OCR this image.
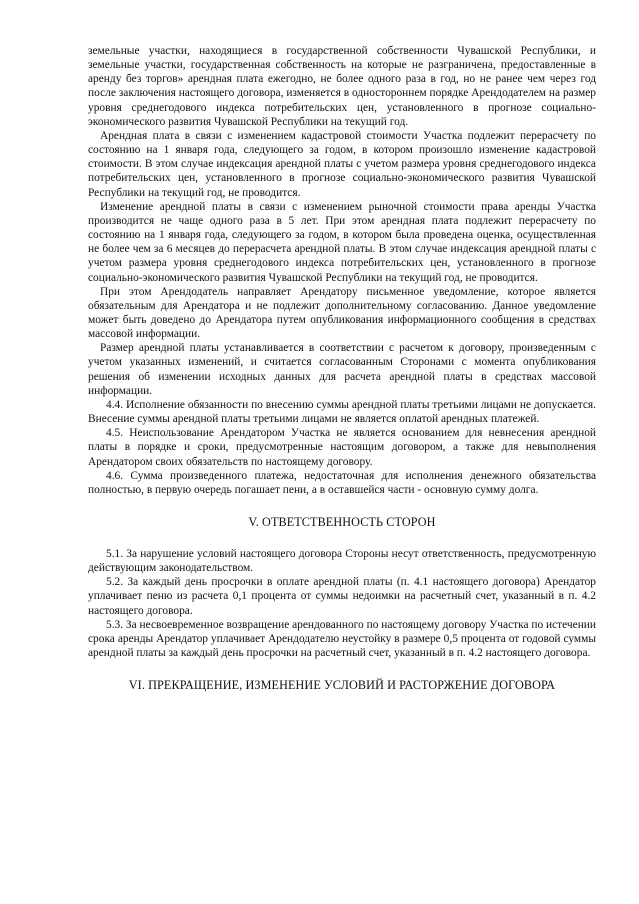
земельные участки, находящиеся в государственной собственности Чувашской Республики, и земельные участки, государственная собственность на которые не разграничена, предоставленные в аренду без торгов» арендная плата ежегодно, не более одного раза в год, но не ранее чем через год после заключения настоящего договора, изменяется в одностороннем порядке Арендодателем на размер уровня среднегодового индекса потребительских цен, установленного в прогнозе социально-экономического развития Чувашской Республики на текущий год.

Арендная плата в связи с изменением кадастровой стоимости Участка подлежит перерасчету по состоянию на 1 января года, следующего за годом, в котором произошло изменение кадастровой стоимости. В этом случае индексация арендной платы с учетом размера уровня среднегодового индекса потребительских цен, установленного в прогнозе социально-экономического развития Чувашской Республики на текущий год, не проводится.

Изменение арендной платы в связи с изменением рыночной стоимости права аренды Участка производится не чаще одного раза в 5 лет. При этом арендная плата подлежит перерасчету по состоянию на 1 января года, следующего за годом, в котором была проведена оценка, осуществленная не более чем за 6 месяцев до перерасчета арендной платы. В этом случае индексация арендной платы с учетом размера уровня среднегодового индекса потребительских цен, установленного в прогнозе социально-экономического развития Чувашской Республики на текущий год, не проводится.

При этом Арендодатель направляет Арендатору письменное уведомление, которое является обязательным для Арендатора и не подлежит дополнительному согласованию. Данное уведомление может быть доведено до Арендатора путем опубликования информационного сообщения в средствах массовой информации.

Размер арендной платы устанавливается в соответствии с расчетом к договору, произведенным с учетом указанных изменений, и считается согласованным Сторонами с момента опубликования решения об изменении исходных данных для расчета арендной платы в средствах массовой информации.

4.4. Исполнение обязанности по внесению суммы арендной платы третьими лицами не допускается. Внесение суммы арендной платы третьими лицами не является оплатой арендных платежей.

4.5. Неиспользование Арендатором Участка не является основанием для невнесения арендной платы в порядке и сроки, предусмотренные настоящим договором, а также для невыполнения Арендатором своих обязательств по настоящему договору.

4.6. Сумма произведенного платежа, недостаточная для исполнения денежного обязательства полностью, в первую очередь погашает пени, а в оставшейся части - основную сумму долга.

V. ОТВЕТСТВЕННОСТЬ СТОРОН

5.1. За нарушение условий настоящего договора Стороны несут ответственность, предусмотренную действующим законодательством.

5.2. За каждый день просрочки в оплате арендной платы (п. 4.1 настоящего договора) Арендатор уплачивает пеню из расчета 0,1 процента от суммы недоимки на расчетный счет, указанный в п. 4.2 настоящего договора.

5.3. За несвоевременное возвращение арендованного по настоящему договору Участка по истечении срока аренды Арендатор уплачивает Арендодателю неустойку в размере 0,5 процента от годовой суммы арендной платы за каждый день просрочки на расчетный счет, указанный в п. 4.2 настоящего договора.

VI. ПРЕКРАЩЕНИЕ, ИЗМЕНЕНИЕ УСЛОВИЙ И РАСТОРЖЕНИЕ ДОГОВОРА
